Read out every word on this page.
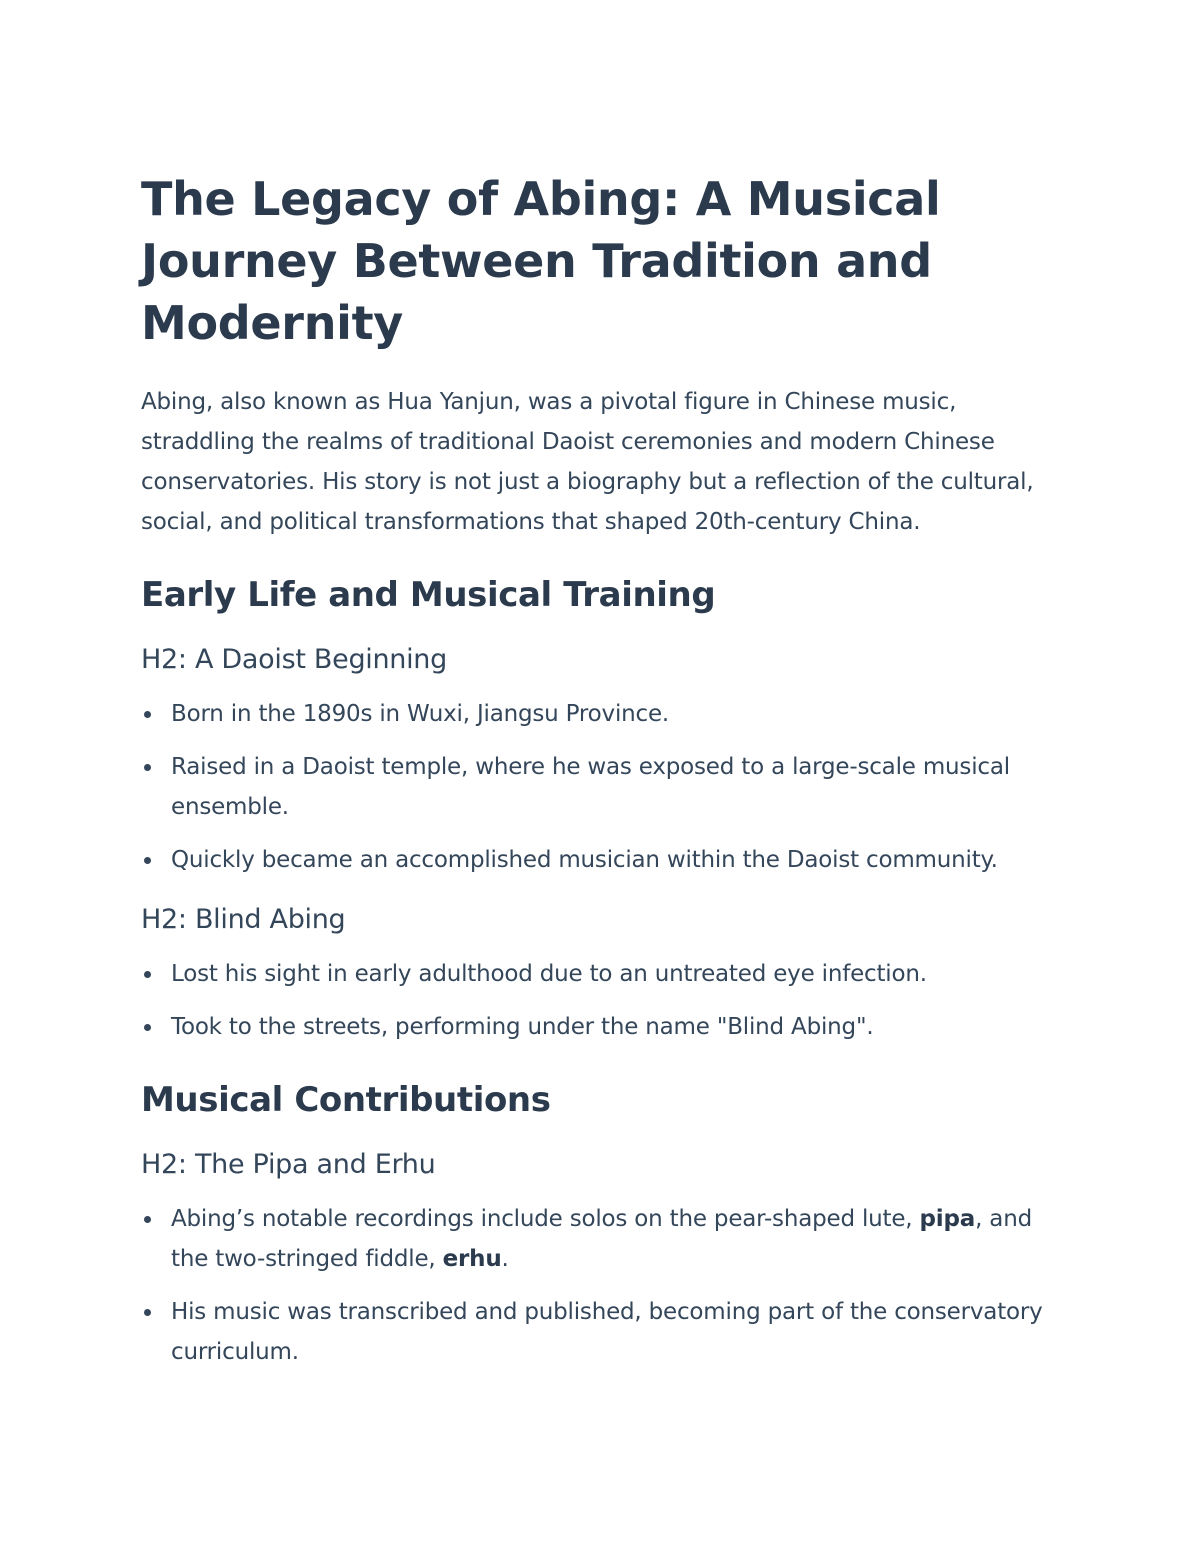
The Legacy of Abing: A Musical Journey Between Tradition and Modernity

Abing, also known as Hua Yanjun, was a pivotal figure in Chinese music, straddling the realms of traditional Daoist ceremonies and modern Chinese conservatories. His story is not just a biography but a reflection of the cultural, social, and political transformations that shaped 20th-century China.

Early Life and Musical Training
H2: A Daoist Beginning
Born in the 1890s in Wuxi, Jiangsu Province.
Raised in a Daoist temple, where he was exposed to a large-scale musical ensemble.
Quickly became an accomplished musician within the Daoist community.
H2: Blind Abing
Lost his sight in early adulthood due to an untreated eye infection.
Took to the streets, performing under the name "Blind Abing".
Musical Contributions
H2: The Pipa and Erhu
Abing’s notable recordings include solos on the pear-shaped lute, pipa, and the two-stringed fiddle, erhu.
His music was transcribed and published, becoming part of the conservatory curriculum.
